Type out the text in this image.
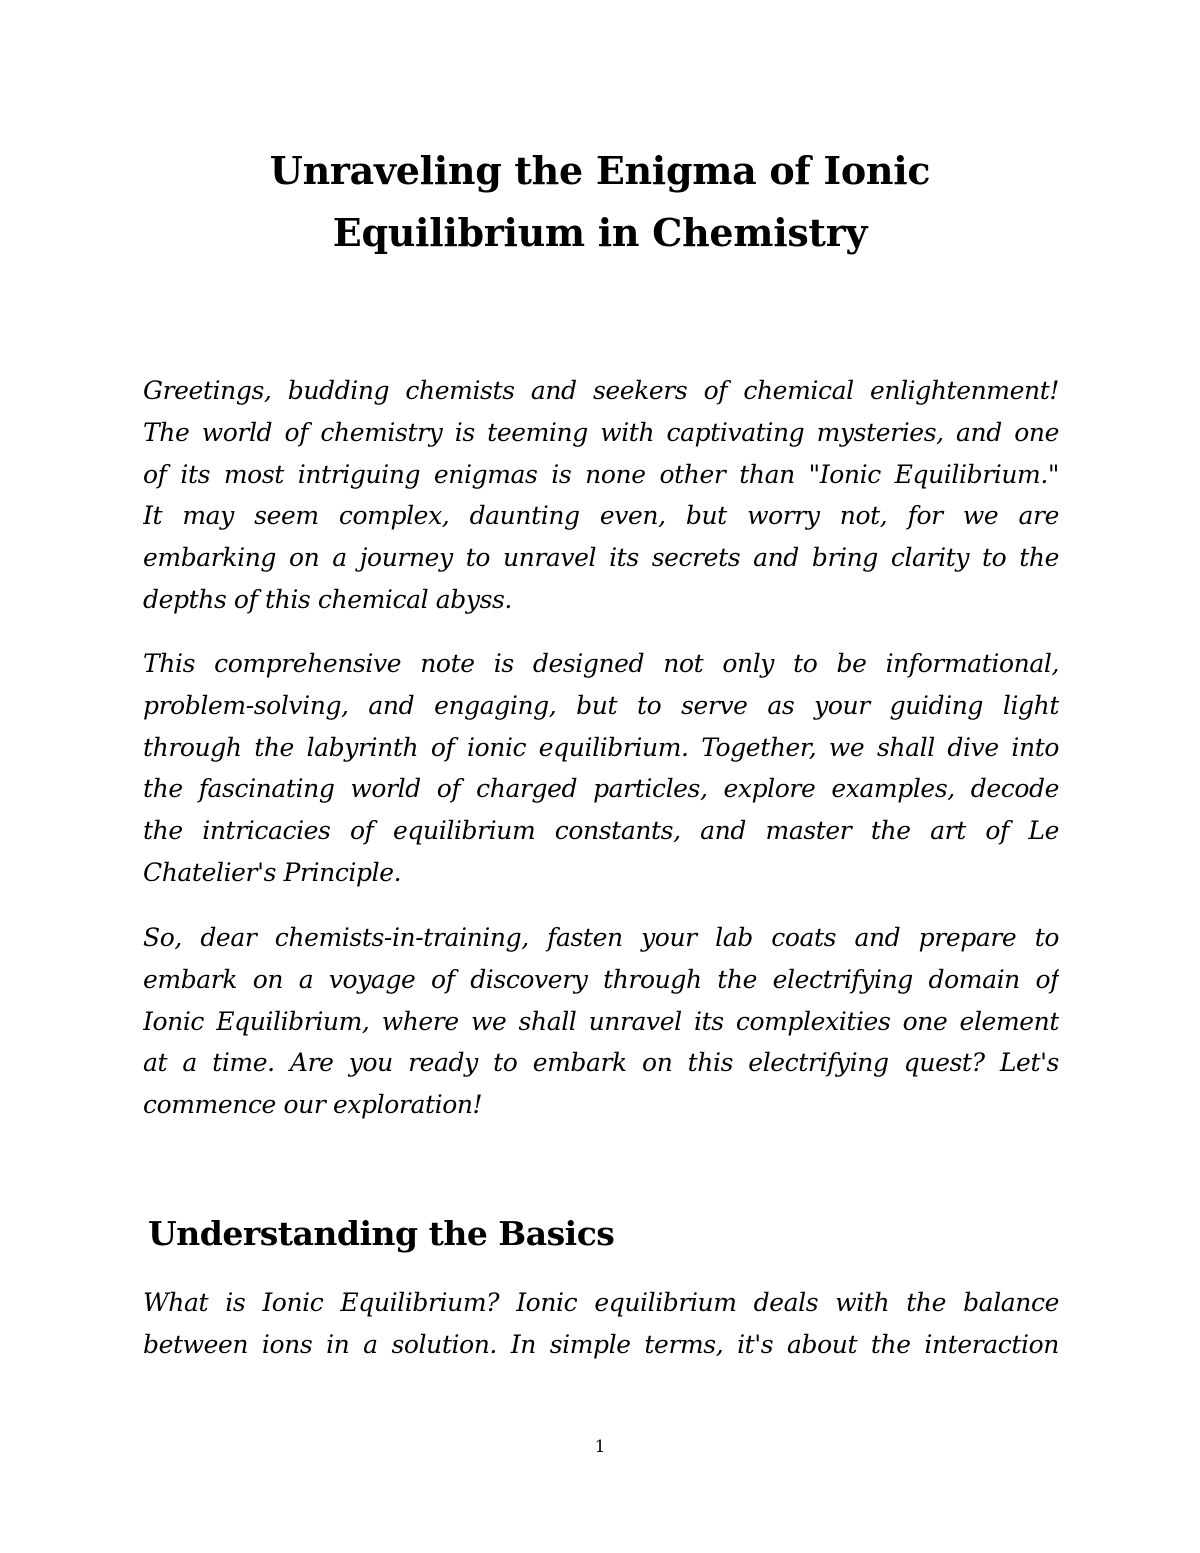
Unraveling the Enigma of Ionic
Equilibrium in Chemistry
Greetings, budding chemists and seekers of chemical enlightenment!
The world of chemistry is teeming with captivating mysteries, and one
of its most intriguing enigmas is none other than "Ionic Equilibrium."
It may seem complex, daunting even, but worry not, for we are
embarking on a journey to unravel its secrets and bring clarity to the
depths of this chemical abyss.
This comprehensive note is designed not only to be informational,
problem-solving, and engaging, but to serve as your guiding light
through the labyrinth of ionic equilibrium. Together, we shall dive into
the fascinating world of charged particles, explore examples, decode
the intricacies of equilibrium constants, and master the art of Le
Chatelier's Principle.
So, dear chemists-in-training, fasten your lab coats and prepare to
embark on a voyage of discovery through the electrifying domain of
Ionic Equilibrium, where we shall unravel its complexities one element
at a time. Are you ready to embark on this electrifying quest? Let's
commence our exploration!
Understanding the Basics
What is Ionic Equilibrium? Ionic equilibrium deals with the balance
between ions in a solution. In simple terms, it's about the interaction
1
